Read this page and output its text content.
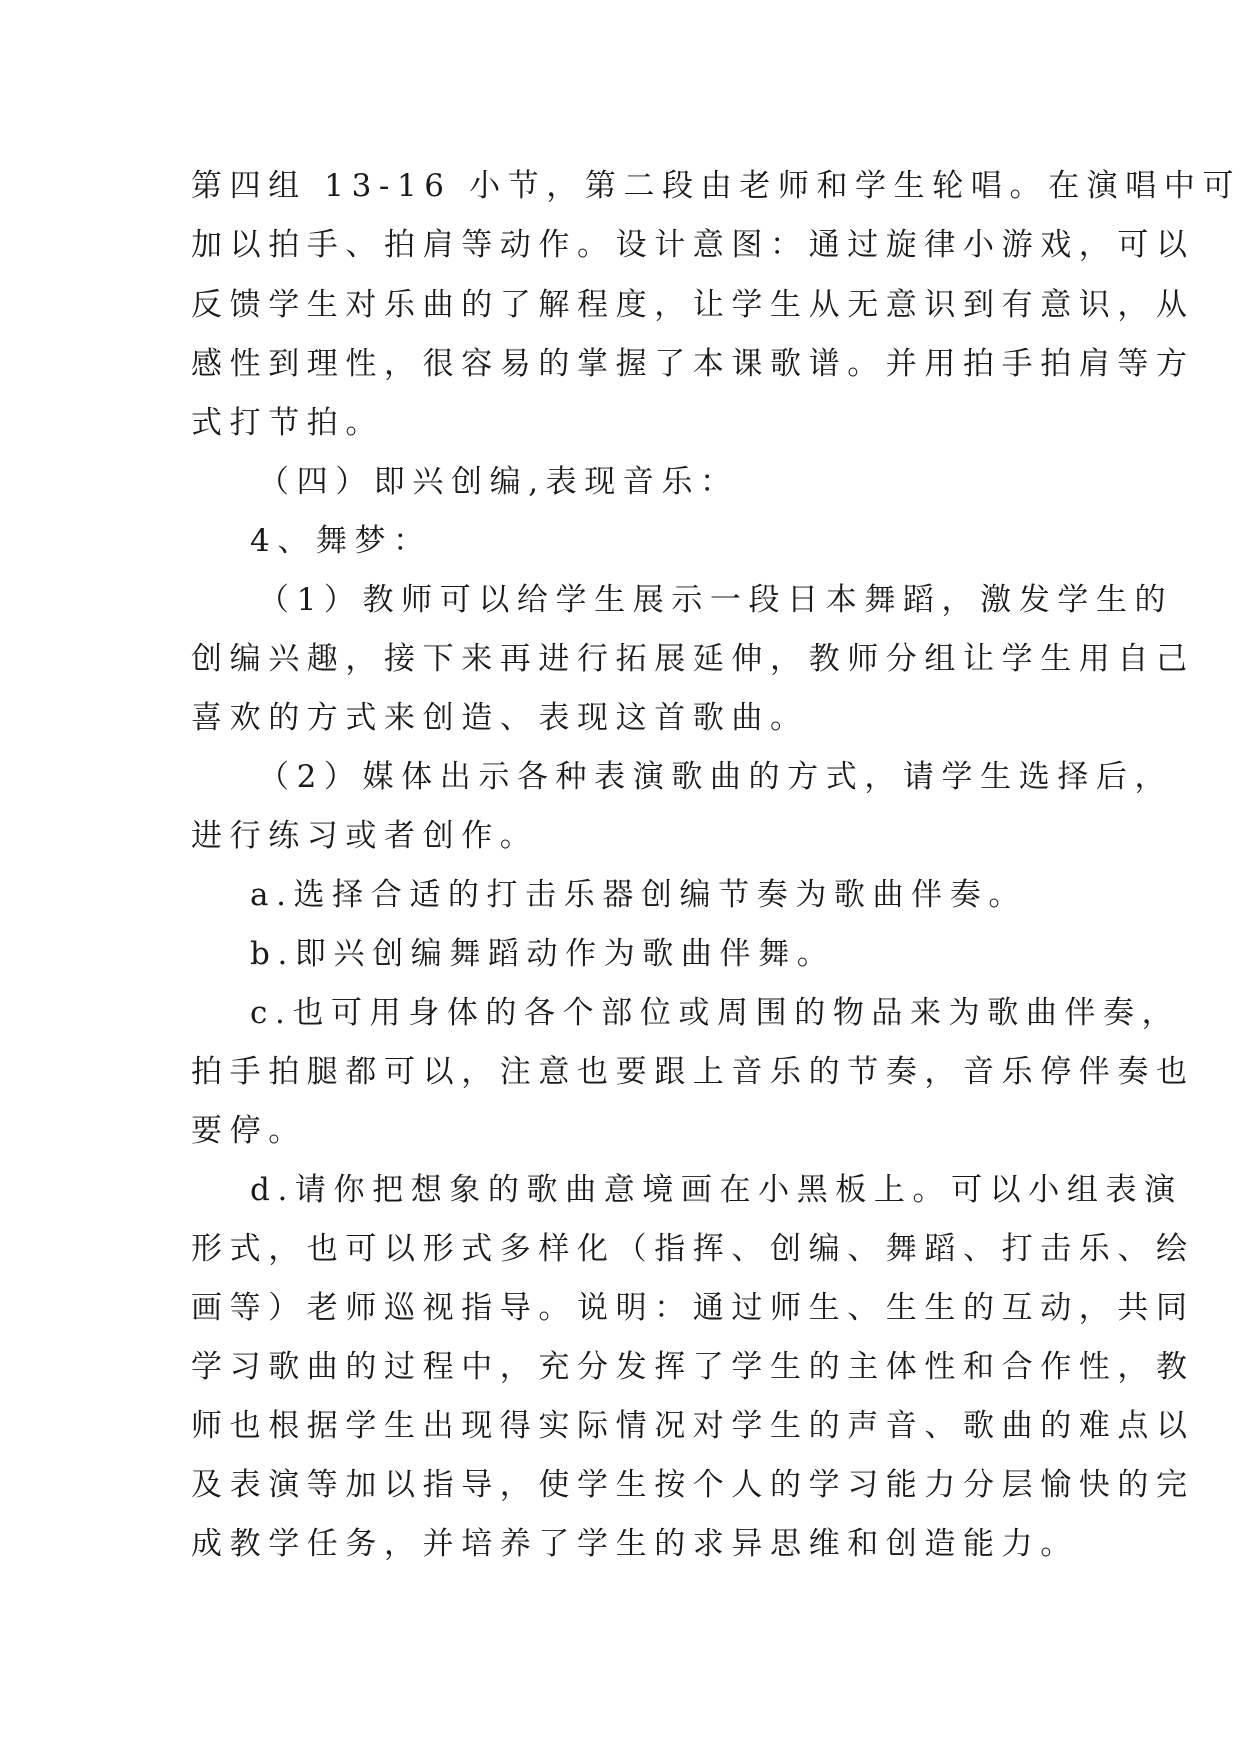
第四组 13-16 小节，第二段由老师和学生轮唱。在演唱中可
加以拍手、拍肩等动作。设计意图：通过旋律小游戏，可以
反馈学生对乐曲的了解程度，让学生从无意识到有意识，从
感性到理性，很容易的掌握了本课歌谱。并用拍手拍肩等方
式打节拍。
（四）即兴创编,表现音乐：
4、舞梦：
（1）教师可以给学生展示一段日本舞蹈，激发学生的
创编兴趣，接下来再进行拓展延伸，教师分组让学生用自己
喜欢的方式来创造、表现这首歌曲。
（2）媒体出示各种表演歌曲的方式，请学生选择后，
进行练习或者创作。
a.选择合适的打击乐器创编节奏为歌曲伴奏。
b.即兴创编舞蹈动作为歌曲伴舞。
c.也可用身体的各个部位或周围的物品来为歌曲伴奏，
拍手拍腿都可以，注意也要跟上音乐的节奏，音乐停伴奏也
要停。
d.请你把想象的歌曲意境画在小黑板上。可以小组表演
形式，也可以形式多样化（指挥、创编、舞蹈、打击乐、绘
画等）老师巡视指导。说明：通过师生、生生的互动，共同
学习歌曲的过程中，充分发挥了学生的主体性和合作性，教
师也根据学生出现得实际情况对学生的声音、歌曲的难点以
及表演等加以指导，使学生按个人的学习能力分层愉快的完
成教学任务，并培养了学生的求异思维和创造能力。
